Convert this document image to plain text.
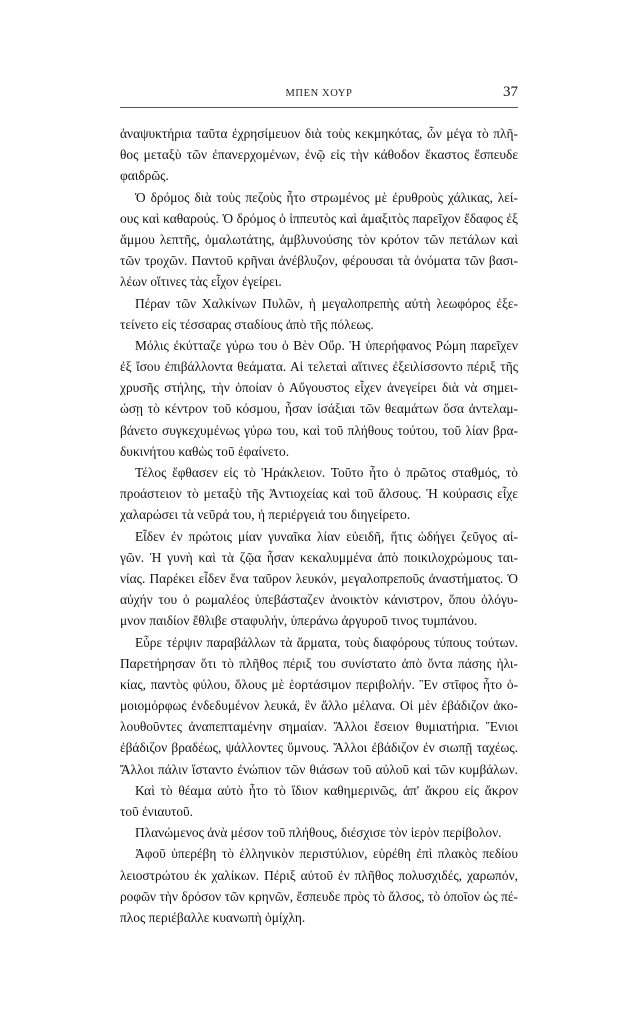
ΜΠΕΝ ΧΟΥΡ	37
ἀναψυκτήρια ταῦτα ἐχρησίμευον διὰ τοὺς κεκμηκότας, ὧν μέγα τὸ πλῆ-
θος μεταξὺ τῶν ἐπανερχομένων, ἐνῷ εἰς τὴν κάθοδον ἕκαστος ἔσπευδε
φαιδρῶς.
Ὁ δρόμος διὰ τοὺς πεζοὺς ἦτο στρωμένος μὲ ἐρυθροὺς χάλικας, λεί-
ους καὶ καθαρούς. Ὁ δρόμος ὁ ἱππευτὸς καὶ ἁμαξιτὸς παρεῖχον ἔδαφος ἐξ
ἄμμου λεπτῆς, ὁμαλωτάτης, ἀμβλυνούσης τὸν κρότον τῶν πετάλων καὶ
τῶν τροχῶν. Παντοῦ κρῆναι ἀνέβλυζον, φέρουσαι τὰ ὀνόματα τῶν βασι-
λέων οἵτινες τὰς εἶχον ἐγείρει.
Πέραν τῶν Χαλκίνων Πυλῶν, ἡ μεγαλοπρεπὴς αὐτὴ λεωφόρος ἐξε-
τείνετο εἰς τέσσαρας σταδίους ἀπὸ τῆς πόλεως.
Μόλις ἐκύτταζε γύρω του ὁ Βὲν Οὔρ. Ἡ ὑπερήφανος Ρώμη παρεῖχεν
ἐξ ἴσου ἐπιβάλλοντα θεάματα. Αἱ τελεταὶ αἵτινες ἐξειλίσσοντο πέριξ τῆς
χρυσῆς στήλης, τὴν ὁποίαν ὁ Αὔγουστος εἶχεν ἀνεγείρει διὰ νὰ σημει-
ώσῃ τὸ κέντρον τοῦ κόσμου, ἦσαν ἰσάξιαι τῶν θεαμάτων ὅσα ἀντελαμ-
βάνετο συγκεχυμένως γύρω του, καὶ τοῦ πλήθους τούτου, τοῦ λίαν βρα-
δυκινήτου καθὼς τοῦ ἐφαίνετο.
Τέλος ἔφθασεν εἰς τὸ Ἡράκλειον. Τοῦτο ἦτο ὁ πρῶτος σταθμός, τὸ
προάστειον τὸ μεταξὺ τῆς Ἀντιοχείας καὶ τοῦ ἄλσους. Ἡ κούρασις εἶχε
χαλαρώσει τὰ νεῦρά του, ἡ περιέργειά του διηγείρετο.
Εἶδεν ἐν πρώτοις μίαν γυναῖκα λίαν εὐειδῆ, ἥτις ὡδήγει ζεῦγος αἰ-
γῶν. Ἡ γυνὴ καὶ τὰ ζῷα ἦσαν κεκαλυμμένα ἀπὸ ποικιλοχρώμους ται-
νίας. Παρέκει εἶδεν ἕνα ταῦρον λευκόν, μεγαλοπρεποῦς ἀναστήματος. Ὁ
αὐχήν του ὁ ρωμαλέος ὑπεβάσταζεν ἀνοικτὸν κάνιστρον, ὅπου ὁλόγυ-
μνον παιδίον ἔθλιβε σταφυλήν, ὑπεράνω ἀργυροῦ τινος τυμπάνου.
Εὗρε τέρψιν παραβάλλων τὰ ἅρματα, τοὺς διαφόρους τύπους τούτων.
Παρετήρησαν ὅτι τὸ πλῆθος πέριξ του συνίστατο ἀπὸ ὄντα πάσης ἡλι-
κίας, παντὸς φύλου, ὅλους μὲ ἑορτάσιμον περιβολήν. Ἓν στῖφος ἦτο ὁ-
μοιομόρφως ἐνδεδυμένον λευκά, ἓν ἄλλο μέλανα. Οἱ μὲν ἐβάδιζον ἀκο-
λουθοῦντες ἀναπεπταμένην σημαίαν. Ἄλλοι ἔσειον θυμιατήρια. Ἔνιοι
ἐβάδιζον βραδέως, ψάλλοντες ὕμνους. Ἄλλοι ἐβάδιζον ἐν σιωπῇ ταχέως.
Ἄλλοι πάλιν ἵσταντο ἐνώπιον τῶν θιάσων τοῦ αὐλοῦ καὶ τῶν κυμβάλων.
Καὶ τὸ θέαμα αὐτὸ ἦτο τὸ ἴδιον καθημερινῶς, ἀπ' ἄκρου εἰς ἄκρον
τοῦ ἐνιαυτοῦ.
Πλανώμενος ἀνὰ μέσον τοῦ πλήθους, διέσχισε τὸν ἱερὸν περίβολον.
Ἀφοῦ ὑπερέβη τὸ ἑλληνικὸν περιστύλιον, εὑρέθη ἐπὶ πλακὸς πεδίου
λειοστρώτου ἐκ χαλίκων. Πέριξ αὐτοῦ ἐν πλῆθος πολυσχιδές, χαρωπόν,
ροφῶν τὴν δρόσον τῶν κρηνῶν, ἔσπευδε πρὸς τὸ ἄλσος, τὸ ὁποῖον ὡς πέ-
πλος περιέβαλλε κυανωπὴ ὁμίχλη.
